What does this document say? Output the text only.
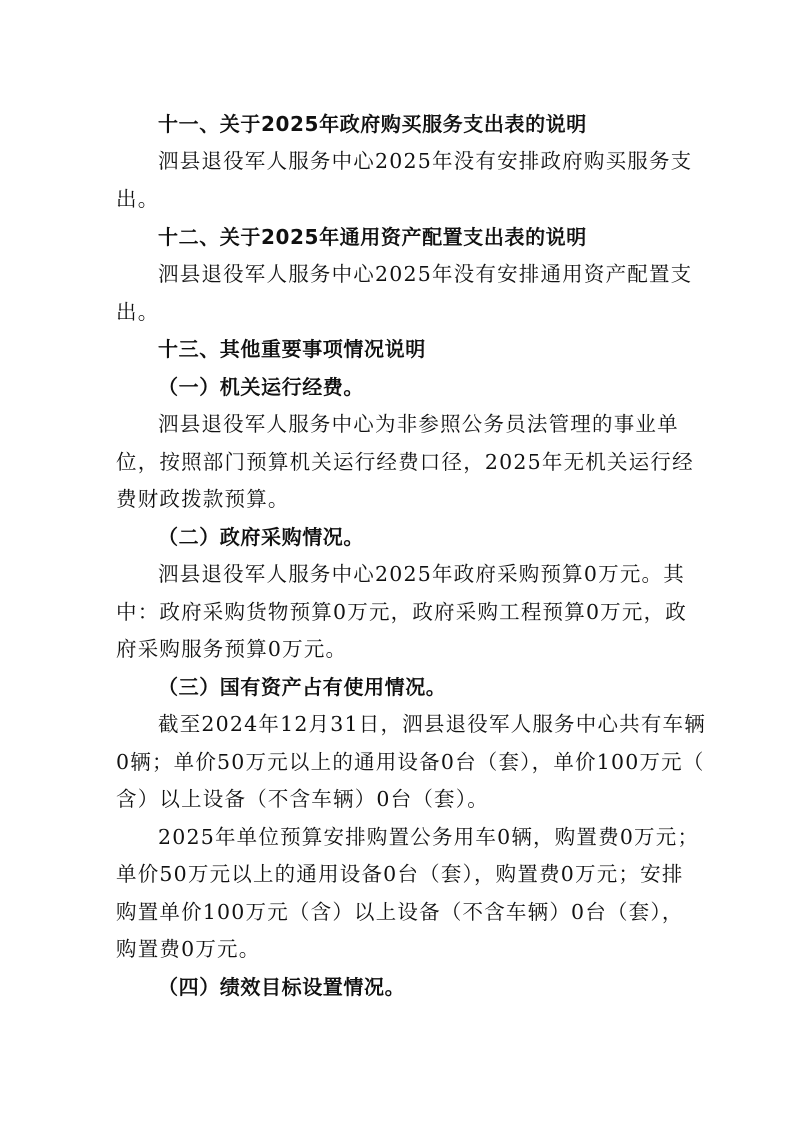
十一、关于2025年政府购买服务支出表的说明
泗县退役军人服务中心2025年没有安排政府购买服务支
出。
十二、关于2025年通用资产配置支出表的说明
泗县退役军人服务中心2025年没有安排通用资产配置支
出。
十三、其他重要事项情况说明
（一）机关运行经费。
泗县退役军人服务中心为非参照公务员法管理的事业单
位，按照部门预算机关运行经费口径，2025年无机关运行经
费财政拨款预算。
（二）政府采购情况。
泗县退役军人服务中心2025年政府采购预算0万元。其
中：政府采购货物预算0万元，政府采购工程预算0万元，政
府采购服务预算0万元。
（三）国有资产占有使用情况。
截至2024年12月31日，泗县退役军人服务中心共有车辆
0辆；单价50万元以上的通用设备0台（套），单价100万元（
含）以上设备（不含车辆）0台（套）。
2025年单位预算安排购置公务用车0辆，购置费0万元；
单价50万元以上的通用设备0台（套），购置费0万元；安排
购置单价100万元（含）以上设备（不含车辆）0台（套），
购置费0万元。
（四）绩效目标设置情况。
